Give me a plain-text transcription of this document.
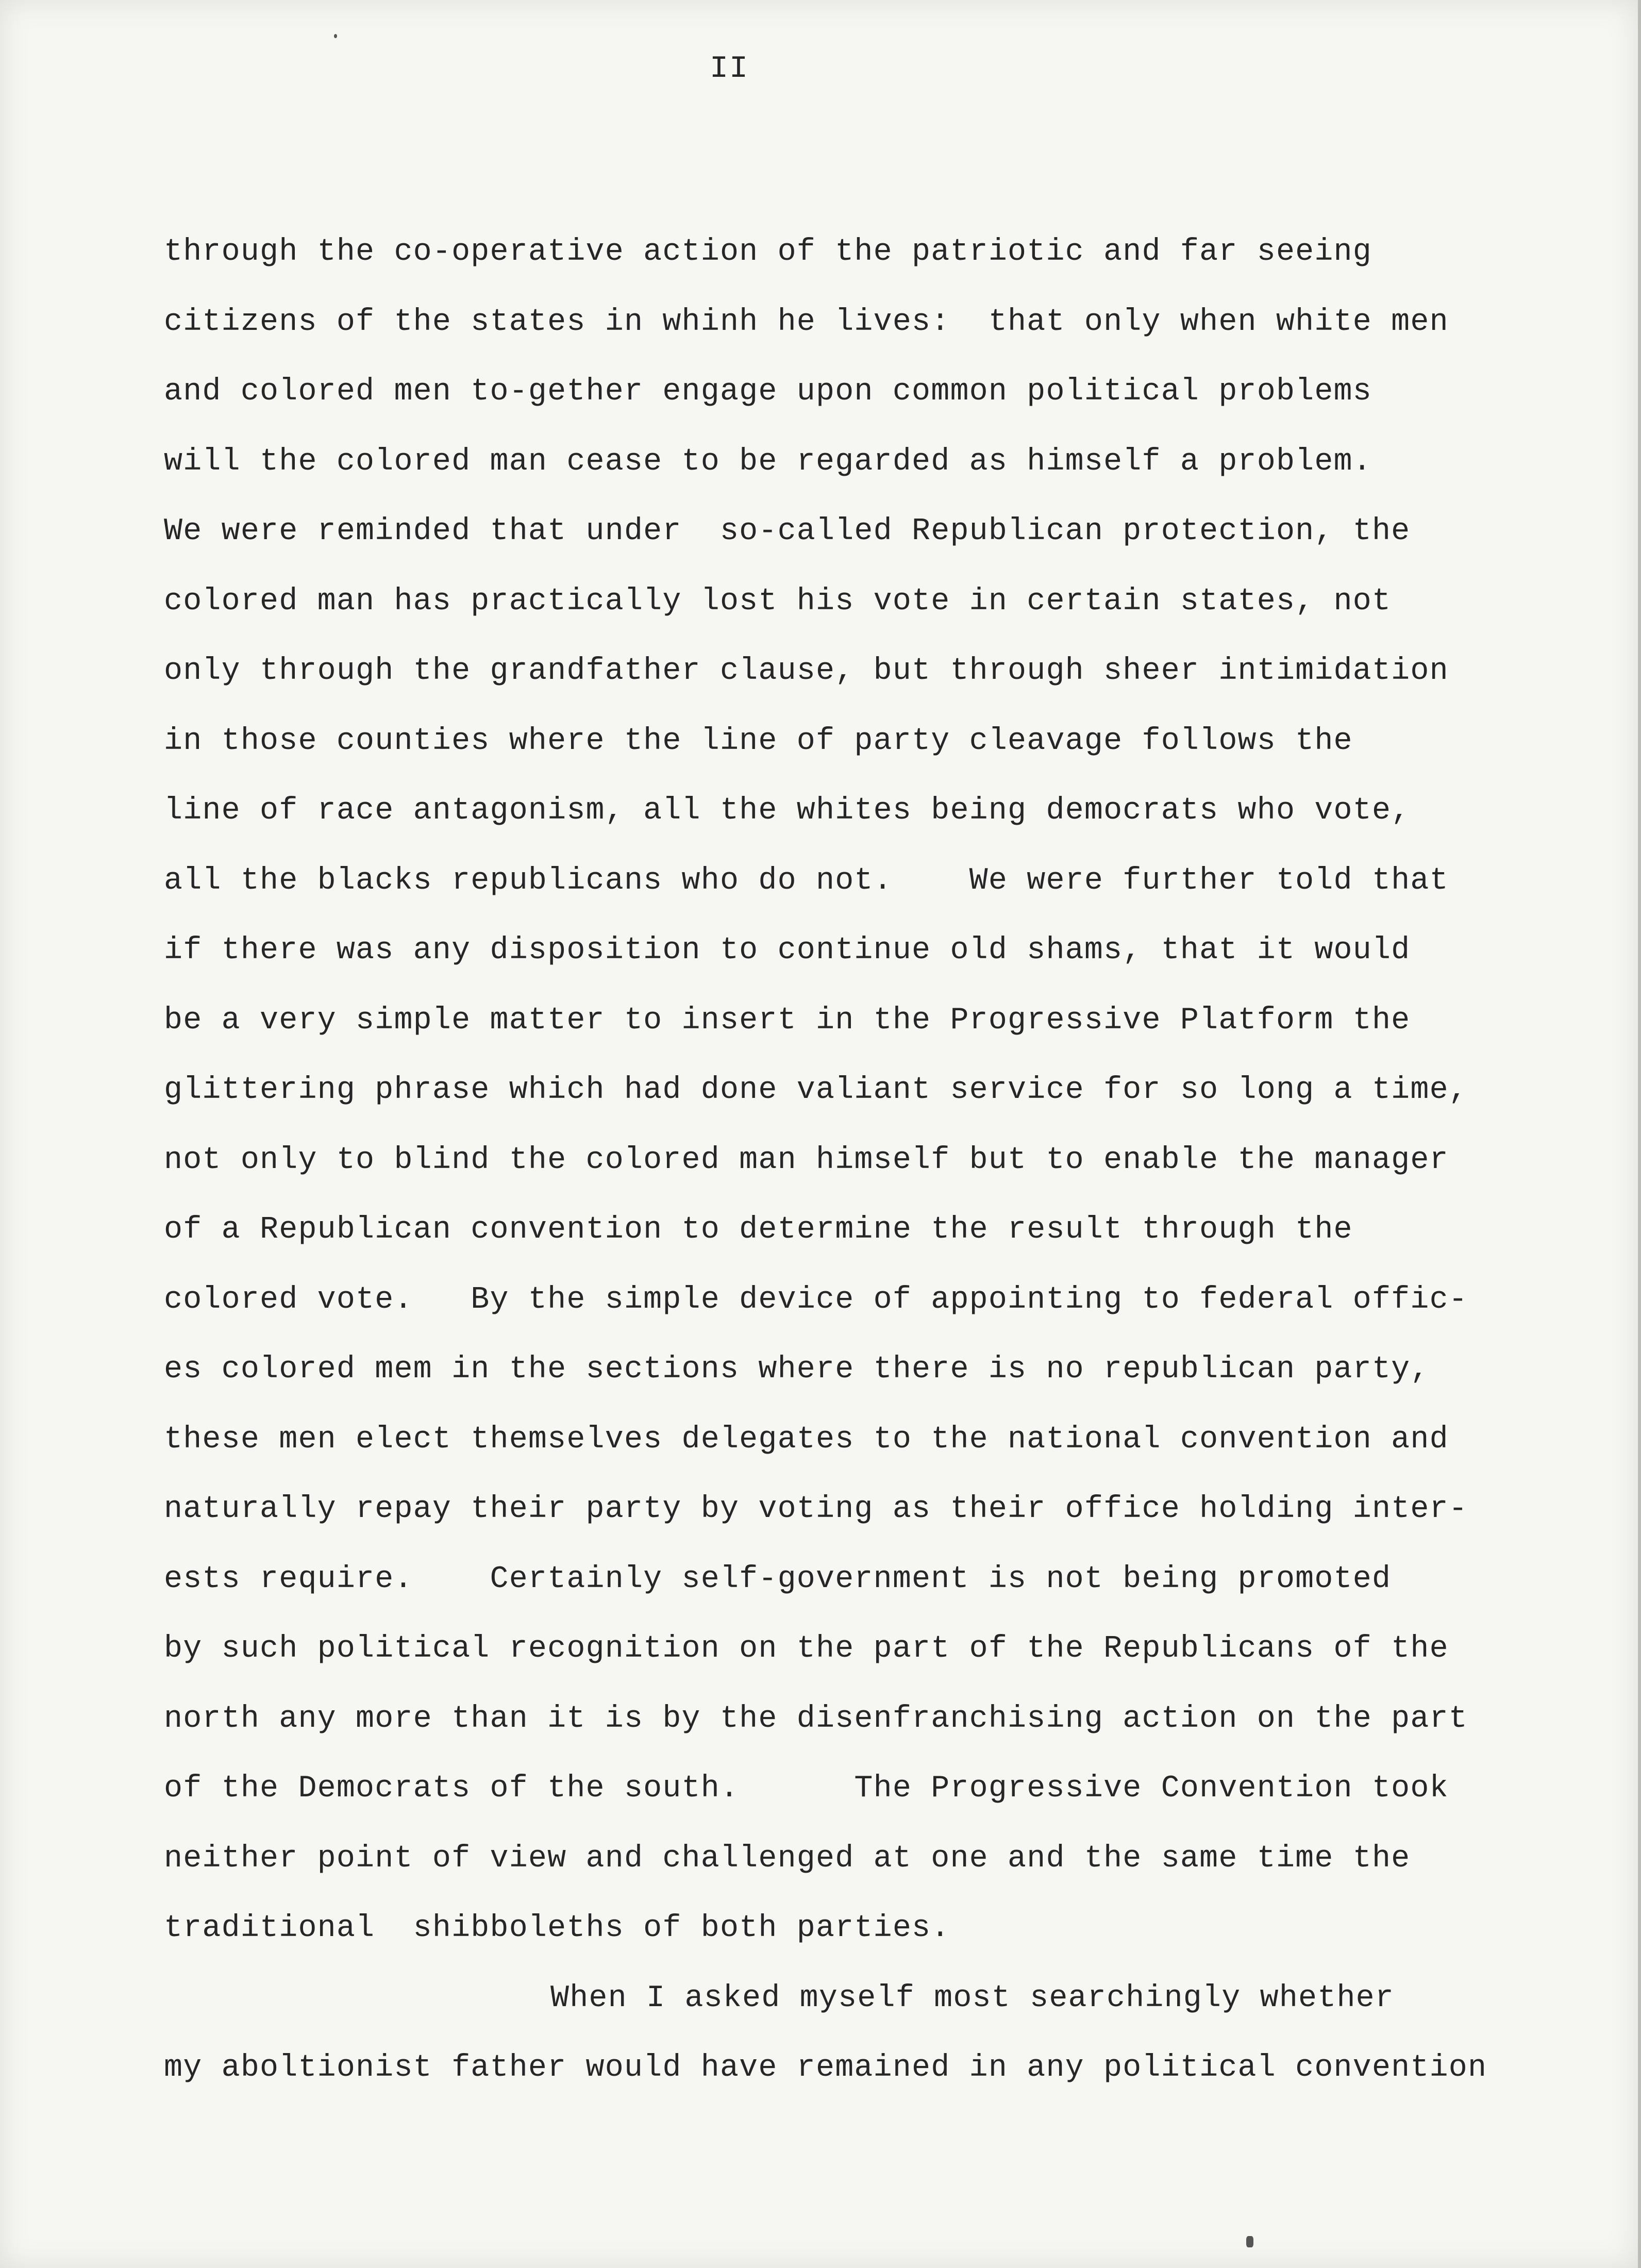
II
through the co-operative action of the patriotic and far seeing
citizens of the states in whinh he lives:  that only when white men
and colored men to-gether engage upon common political problems
will the colored man cease to be regarded as himself a problem.
We were reminded that under  so-called Republican protection, the
colored man has practically lost his vote in certain states, not
only through the grandfather clause, but through sheer intimidation
in those counties where the line of party cleavage follows the
line of race antagonism, all the whites being democrats who vote,
all the blacks republicans who do not.    We were further told that
if there was any disposition to continue old shams, that it would
be a very simple matter to insert in the Progressive Platform the
glittering phrase which had done valiant service for so long a time,
not only to blind the colored man himself but to enable the manager
of a Republican convention to determine the result through the
colored vote.   By the simple device of appointing to federal offic-
es colored mem in the sections where there is no republican party,
these men elect themselves delegates to the national convention and
naturally repay their party by voting as their office holding inter-
ests require.    Certainly self-government is not being promoted
by such political recognition on the part of the Republicans of the
north any more than it is by the disenfranchising action on the part
of the Democrats of the south.      The Progressive Convention took
neither point of view and challenged at one and the same time the
traditional  shibboleths of both parties.
When I asked myself most searchingly whether
my aboltionist father would have remained in any political convention
